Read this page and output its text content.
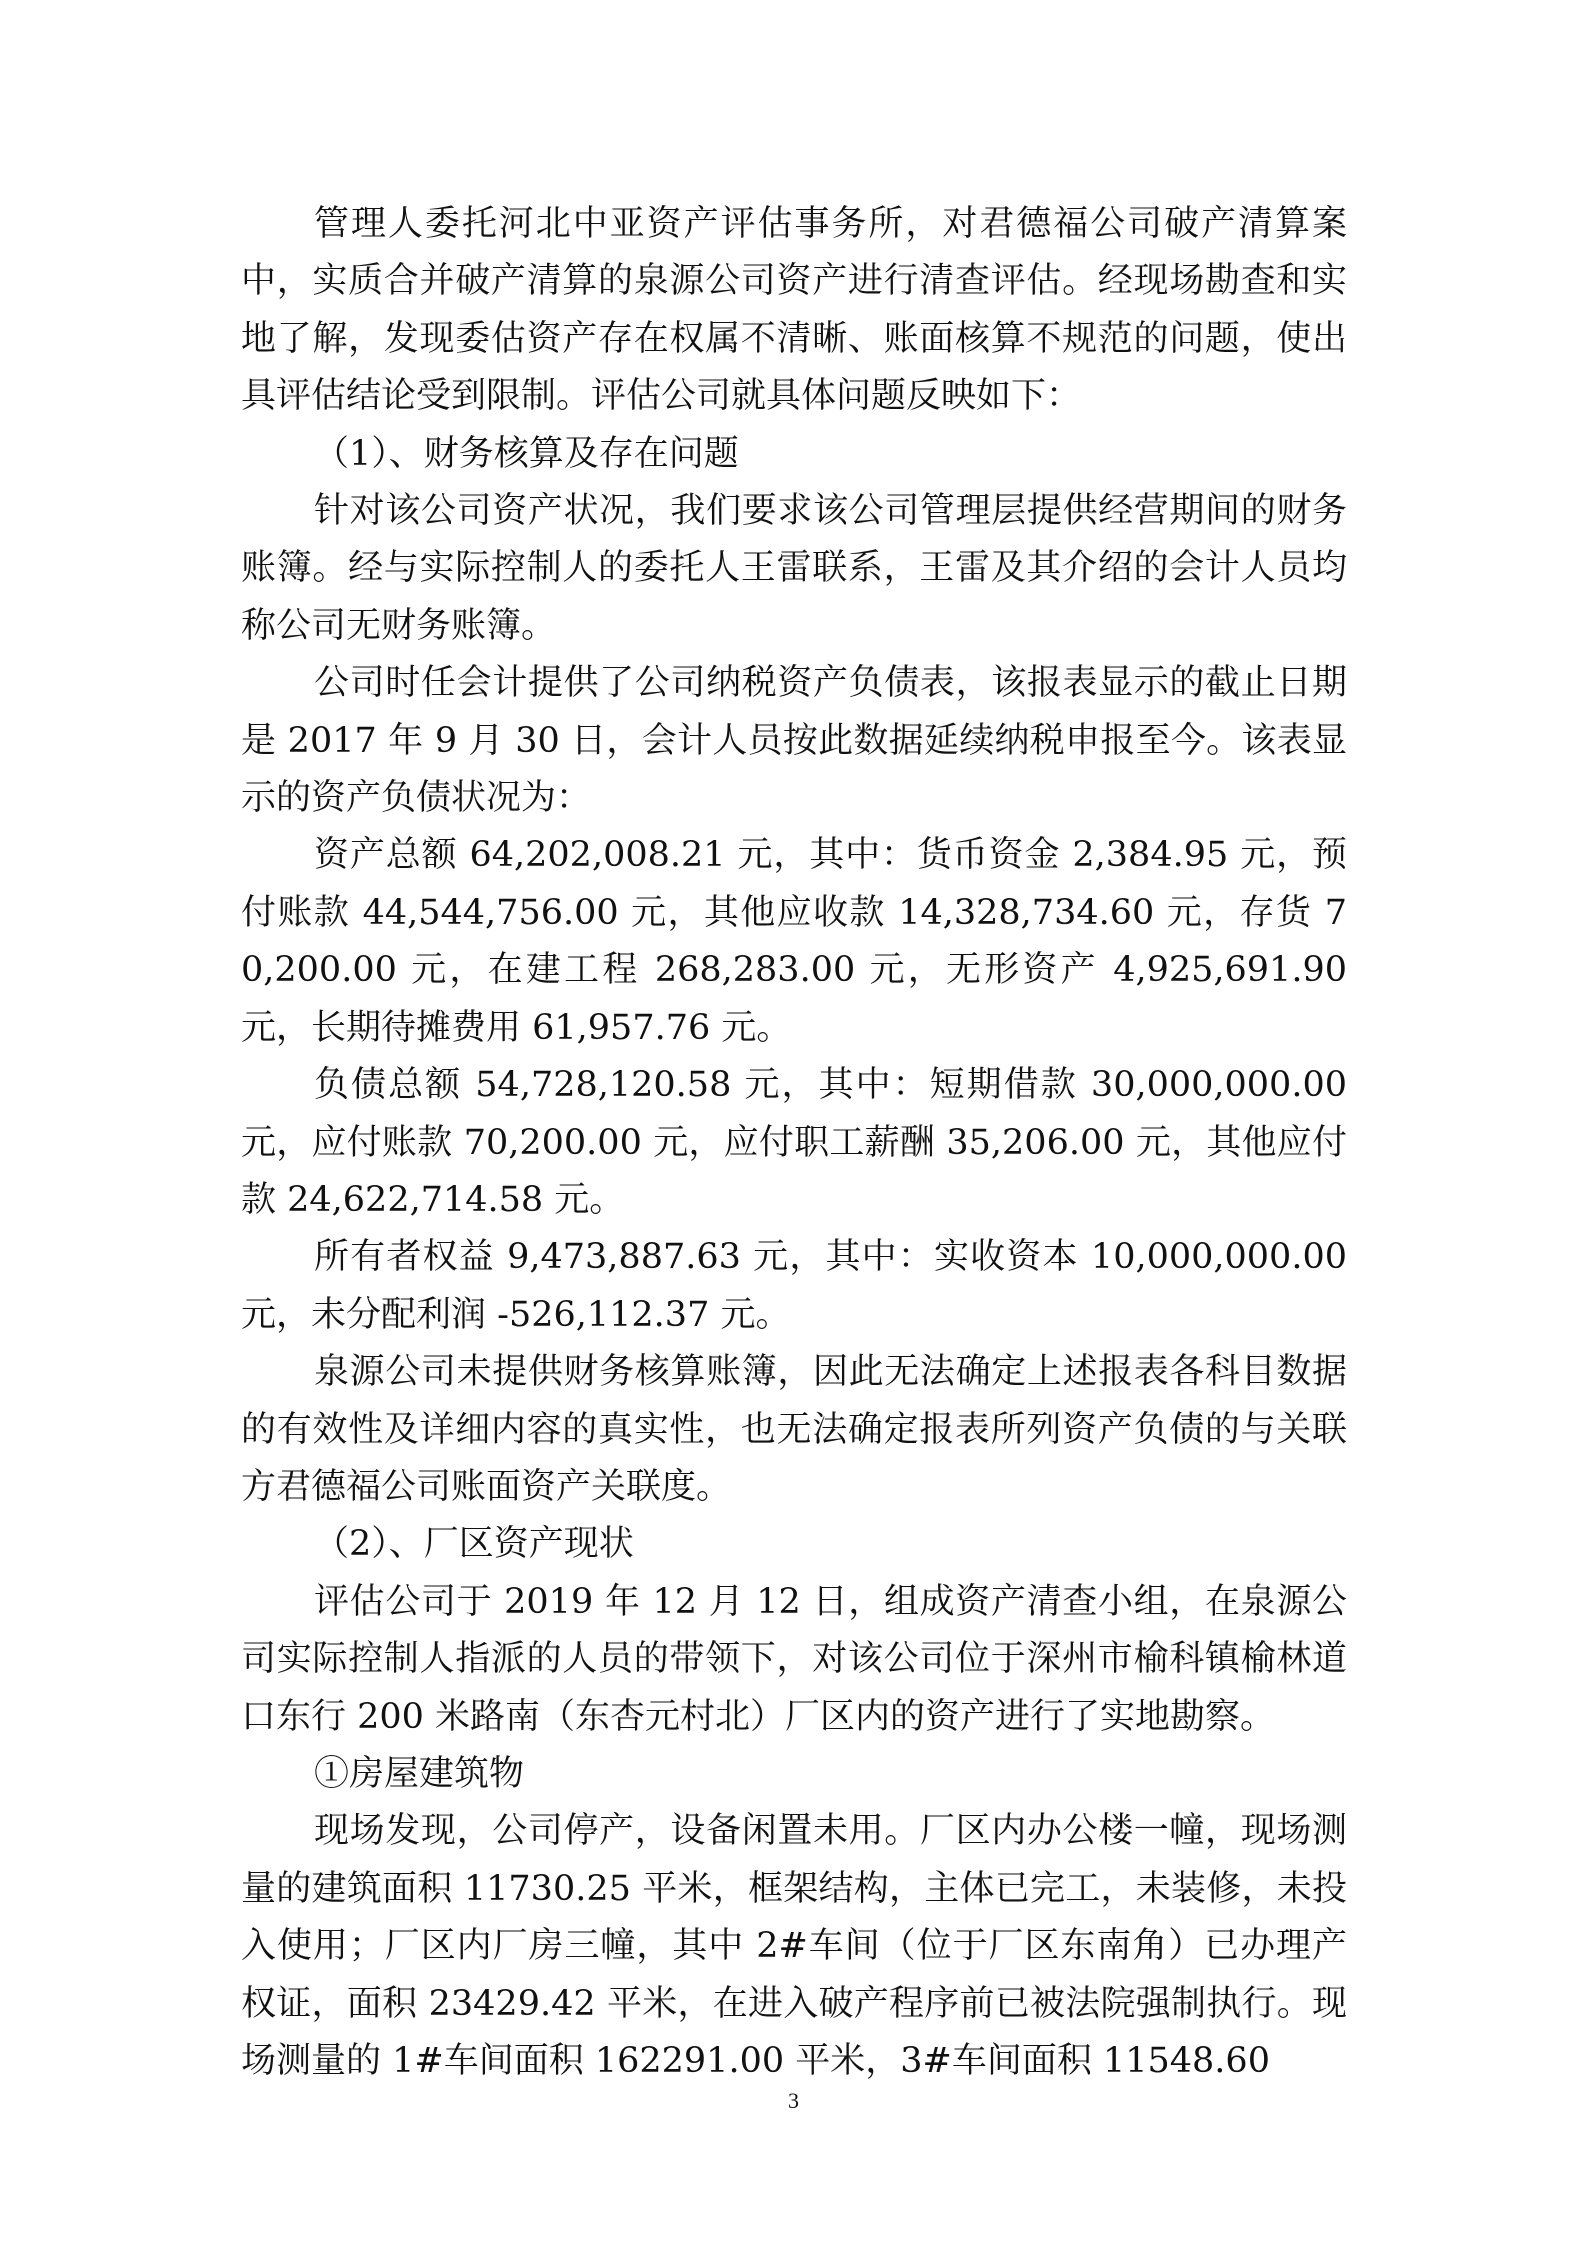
管理人委托河北中亚资产评估事务所，对君德福公司破产清算案中，实质合并破产清算的泉源公司资产进行清查评估。经现场勘查和实地了解，发现委估资产存在权属不清晰、账面核算不规范的问题，使出具评估结论受到限制。评估公司就具体问题反映如下：

（1）、财务核算及存在问题

针对该公司资产状况，我们要求该公司管理层提供经营期间的财务账簿。经与实际控制人的委托人王雷联系，王雷及其介绍的会计人员均称公司无财务账簿。

公司时任会计提供了公司纳税资产负债表，该报表显示的截止日期是 2017 年 9 月 30 日，会计人员按此数据延续纳税申报至今。该表显示的资产负债状况为：

资产总额 64,202,008.21 元，其中：货币资金 2,384.95 元，预付账款 44,544,756.00 元，其他应收款 14,328,734.60 元，存货 70,200.00 元，在建工程 268,283.00 元，无形资产 4,925,691.90 元，长期待摊费用 61,957.76 元。

负债总额 54,728,120.58 元，其中：短期借款 30,000,000.00 元，应付账款 70,200.00 元，应付职工薪酬 35,206.00 元，其他应付款 24,622,714.58 元。

所有者权益 9,473,887.63 元，其中：实收资本 10,000,000.00 元，未分配利润 -526,112.37 元。

泉源公司未提供财务核算账簿，因此无法确定上述报表各科目数据的有效性及详细内容的真实性，也无法确定报表所列资产负债的与关联方君德福公司账面资产关联度。

（2）、厂区资产现状

评估公司于 2019 年 12 月 12 日，组成资产清查小组，在泉源公司实际控制人指派的人员的带领下，对该公司位于深州市榆科镇榆林道口东行 200 米路南（东杏元村北）厂区内的资产进行了实地勘察。

①房屋建筑物

现场发现，公司停产，设备闲置未用。厂区内办公楼一幢，现场测量的建筑面积 11730.25 平米，框架结构，主体已完工，未装修，未投入使用；厂区内厂房三幢，其中 2#车间（位于厂区东南角）已办理产权证，面积 23429.42 平米，在进入破产程序前已被法院强制执行。现场测量的 1#车间面积 162291.00 平米，3#车间面积 11548.60

3
